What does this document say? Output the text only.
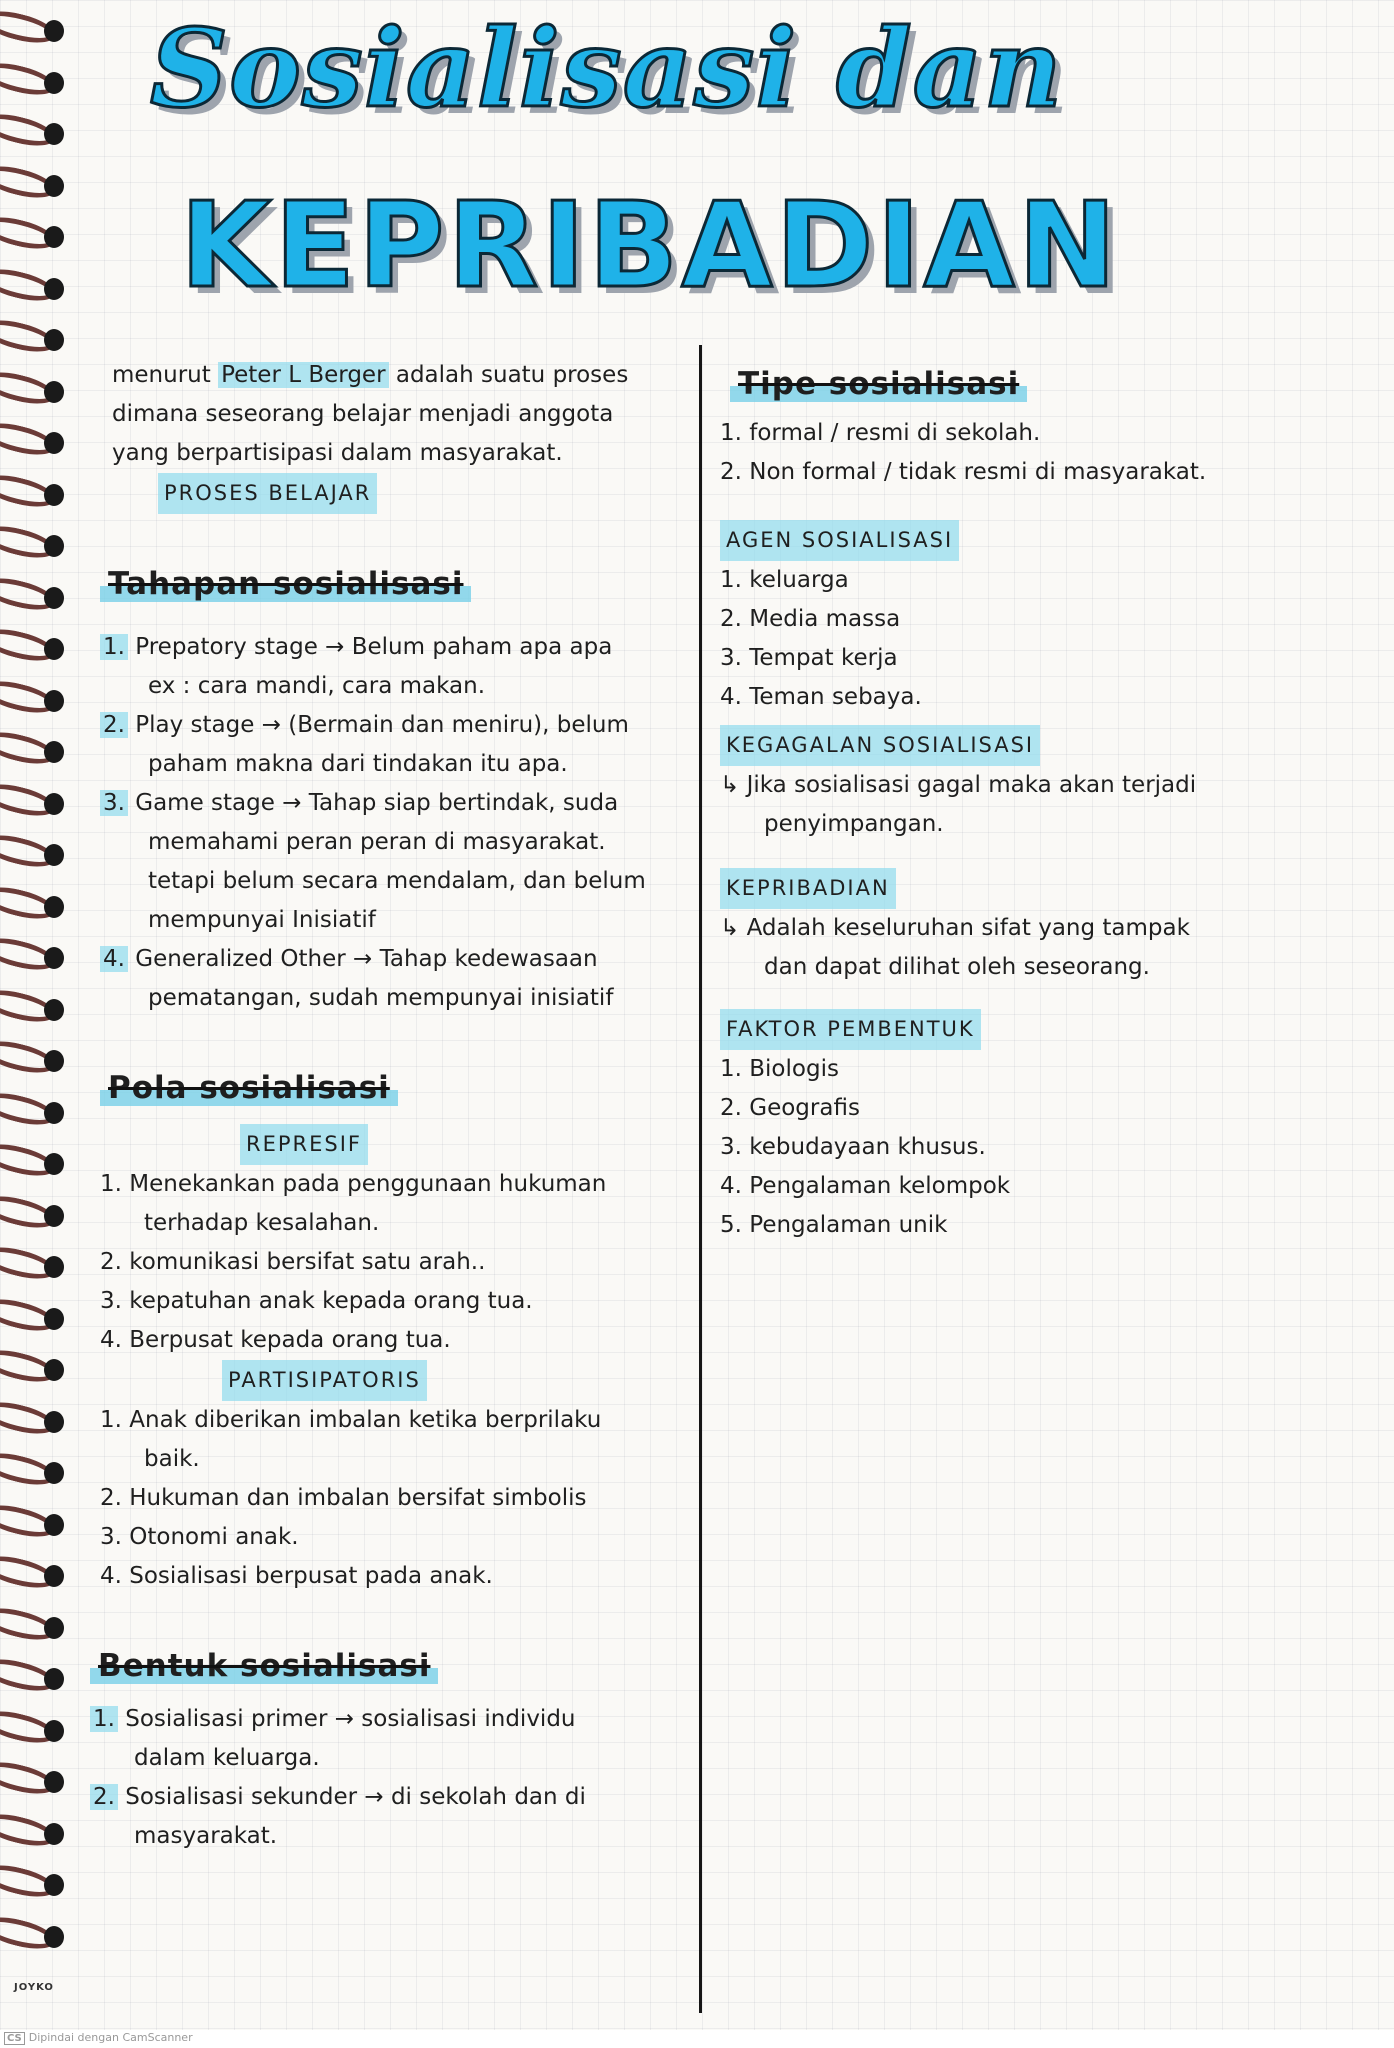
Sosialisasi dan
KEPRIBADIAN

menurut Peter L Berger adalah suatu proses

dimana seseorang belajar menjadi anggota

yang berpartisipasi dalam masyarakat.

PROSES BELAJAR

Tahapan sosialisasi

1. Prepatory stage → Belum paham apa apa

ex : cara mandi, cara makan.

2. Play stage → (Bermain dan meniru), belum

paham makna dari tindakan itu apa.

3. Game stage → Tahap siap bertindak, suda

memahami peran peran di masyarakat.

tetapi belum secara mendalam, dan belum

mempunyai Inisiatif

4. Generalized Other → Tahap kedewasaan

pematangan, sudah mempunyai inisiatif

Pola sosialisasi

REPRESIF

1. Menekankan pada penggunaan hukuman

terhadap kesalahan.

2. komunikasi bersifat satu arah..

3. kepatuhan anak kepada orang tua.

4. Berpusat kepada orang tua.

PARTISIPATORIS

1. Anak diberikan imbalan ketika berprilaku

baik.

2. Hukuman dan imbalan bersifat simbolis

3. Otonomi anak.

4. Sosialisasi berpusat pada anak.

Bentuk sosialisasi

1. Sosialisasi primer → sosialisasi individu

dalam keluarga.

2. Sosialisasi sekunder → di sekolah dan di

masyarakat.

Tipe sosialisasi

1. formal / resmi di sekolah.

2. Non formal / tidak resmi di masyarakat.

AGEN SOSIALISASI

1. keluarga

2. Media massa

3. Tempat kerja

4. Teman sebaya.

KEGAGALAN SOSIALISASI

↳ Jika sosialisasi gagal maka akan terjadi

penyimpangan.

KEPRIBADIAN

↳ Adalah keseluruhan sifat yang tampak

dan dapat dilihat oleh seseorang.

FAKTOR PEMBENTUK

1. Biologis

2. Geografis

3. kebudayaan khusus.

4. Pengalaman kelompok

5. Pengalaman unik

JOYKO
CS Dipindai dengan CamScanner
